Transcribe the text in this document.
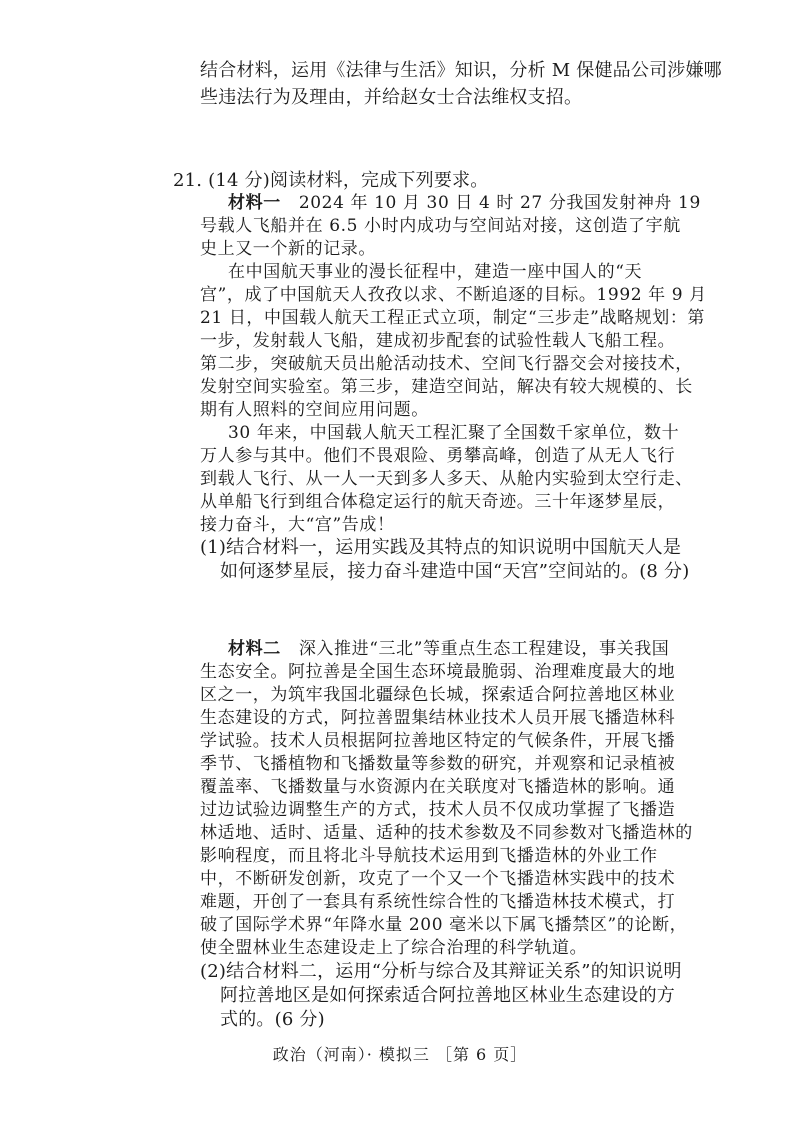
结合材料，运用《法律与生活》知识，分析 M 保健品公司涉嫌哪
些违法行为及理由，并给赵女士合法维权支招。
21. (14 分)阅读材料，完成下列要求。
材料一 2024 年 10 月 30 日 4 时 27 分我国发射神舟 19
号载人飞船并在 6.5 小时内成功与空间站对接，这创造了宇航
史上又一个新的记录。
在中国航天事业的漫长征程中，建造一座中国人的“天
宫”，成了中国航天人孜孜以求、不断追逐的目标。1992 年 9 月
21 日，中国载人航天工程正式立项，制定“三步走”战略规划：第
一步，发射载人飞船，建成初步配套的试验性载人飞船工程。
第二步，突破航天员出舱活动技术、空间飞行器交会对接技术，
发射空间实验室。第三步，建造空间站，解决有较大规模的、长
期有人照料的空间应用问题。
30 年来，中国载人航天工程汇聚了全国数千家单位，数十
万人参与其中。他们不畏艰险、勇攀高峰，创造了从无人飞行
到载人飞行、从一人一天到多人多天、从舱内实验到太空行走、
从单船飞行到组合体稳定运行的航天奇迹。三十年逐梦星辰，
接力奋斗，大“宫”告成！
(1)结合材料一，运用实践及其特点的知识说明中国航天人是
如何逐梦星辰，接力奋斗建造中国“天宫”空间站的。(8 分)
材料二 深入推进“三北”等重点生态工程建设，事关我国
生态安全。阿拉善是全国生态环境最脆弱、治理难度最大的地
区之一，为筑牢我国北疆绿色长城，探索适合阿拉善地区林业
生态建设的方式，阿拉善盟集结林业技术人员开展飞播造林科
学试验。技术人员根据阿拉善地区特定的气候条件，开展飞播
季节、飞播植物和飞播数量等参数的研究，并观察和记录植被
覆盖率、飞播数量与水资源内在关联度对飞播造林的影响。通
过边试验边调整生产的方式，技术人员不仅成功掌握了飞播造
林适地、适时、适量、适种的技术参数及不同参数对飞播造林的
影响程度，而且将北斗导航技术运用到飞播造林的外业工作
中，不断研发创新，攻克了一个又一个飞播造林实践中的技术
难题，开创了一套具有系统性综合性的飞播造林技术模式，打
破了国际学术界“年降水量 200 毫米以下属飞播禁区”的论断，
使全盟林业生态建设走上了综合治理的科学轨道。
(2)结合材料二，运用“分析与综合及其辩证关系”的知识说明
阿拉善地区是如何探索适合阿拉善地区林业生态建设的方
式的。(6 分)
政治（河南）· 模拟三 ［第 6 页］
